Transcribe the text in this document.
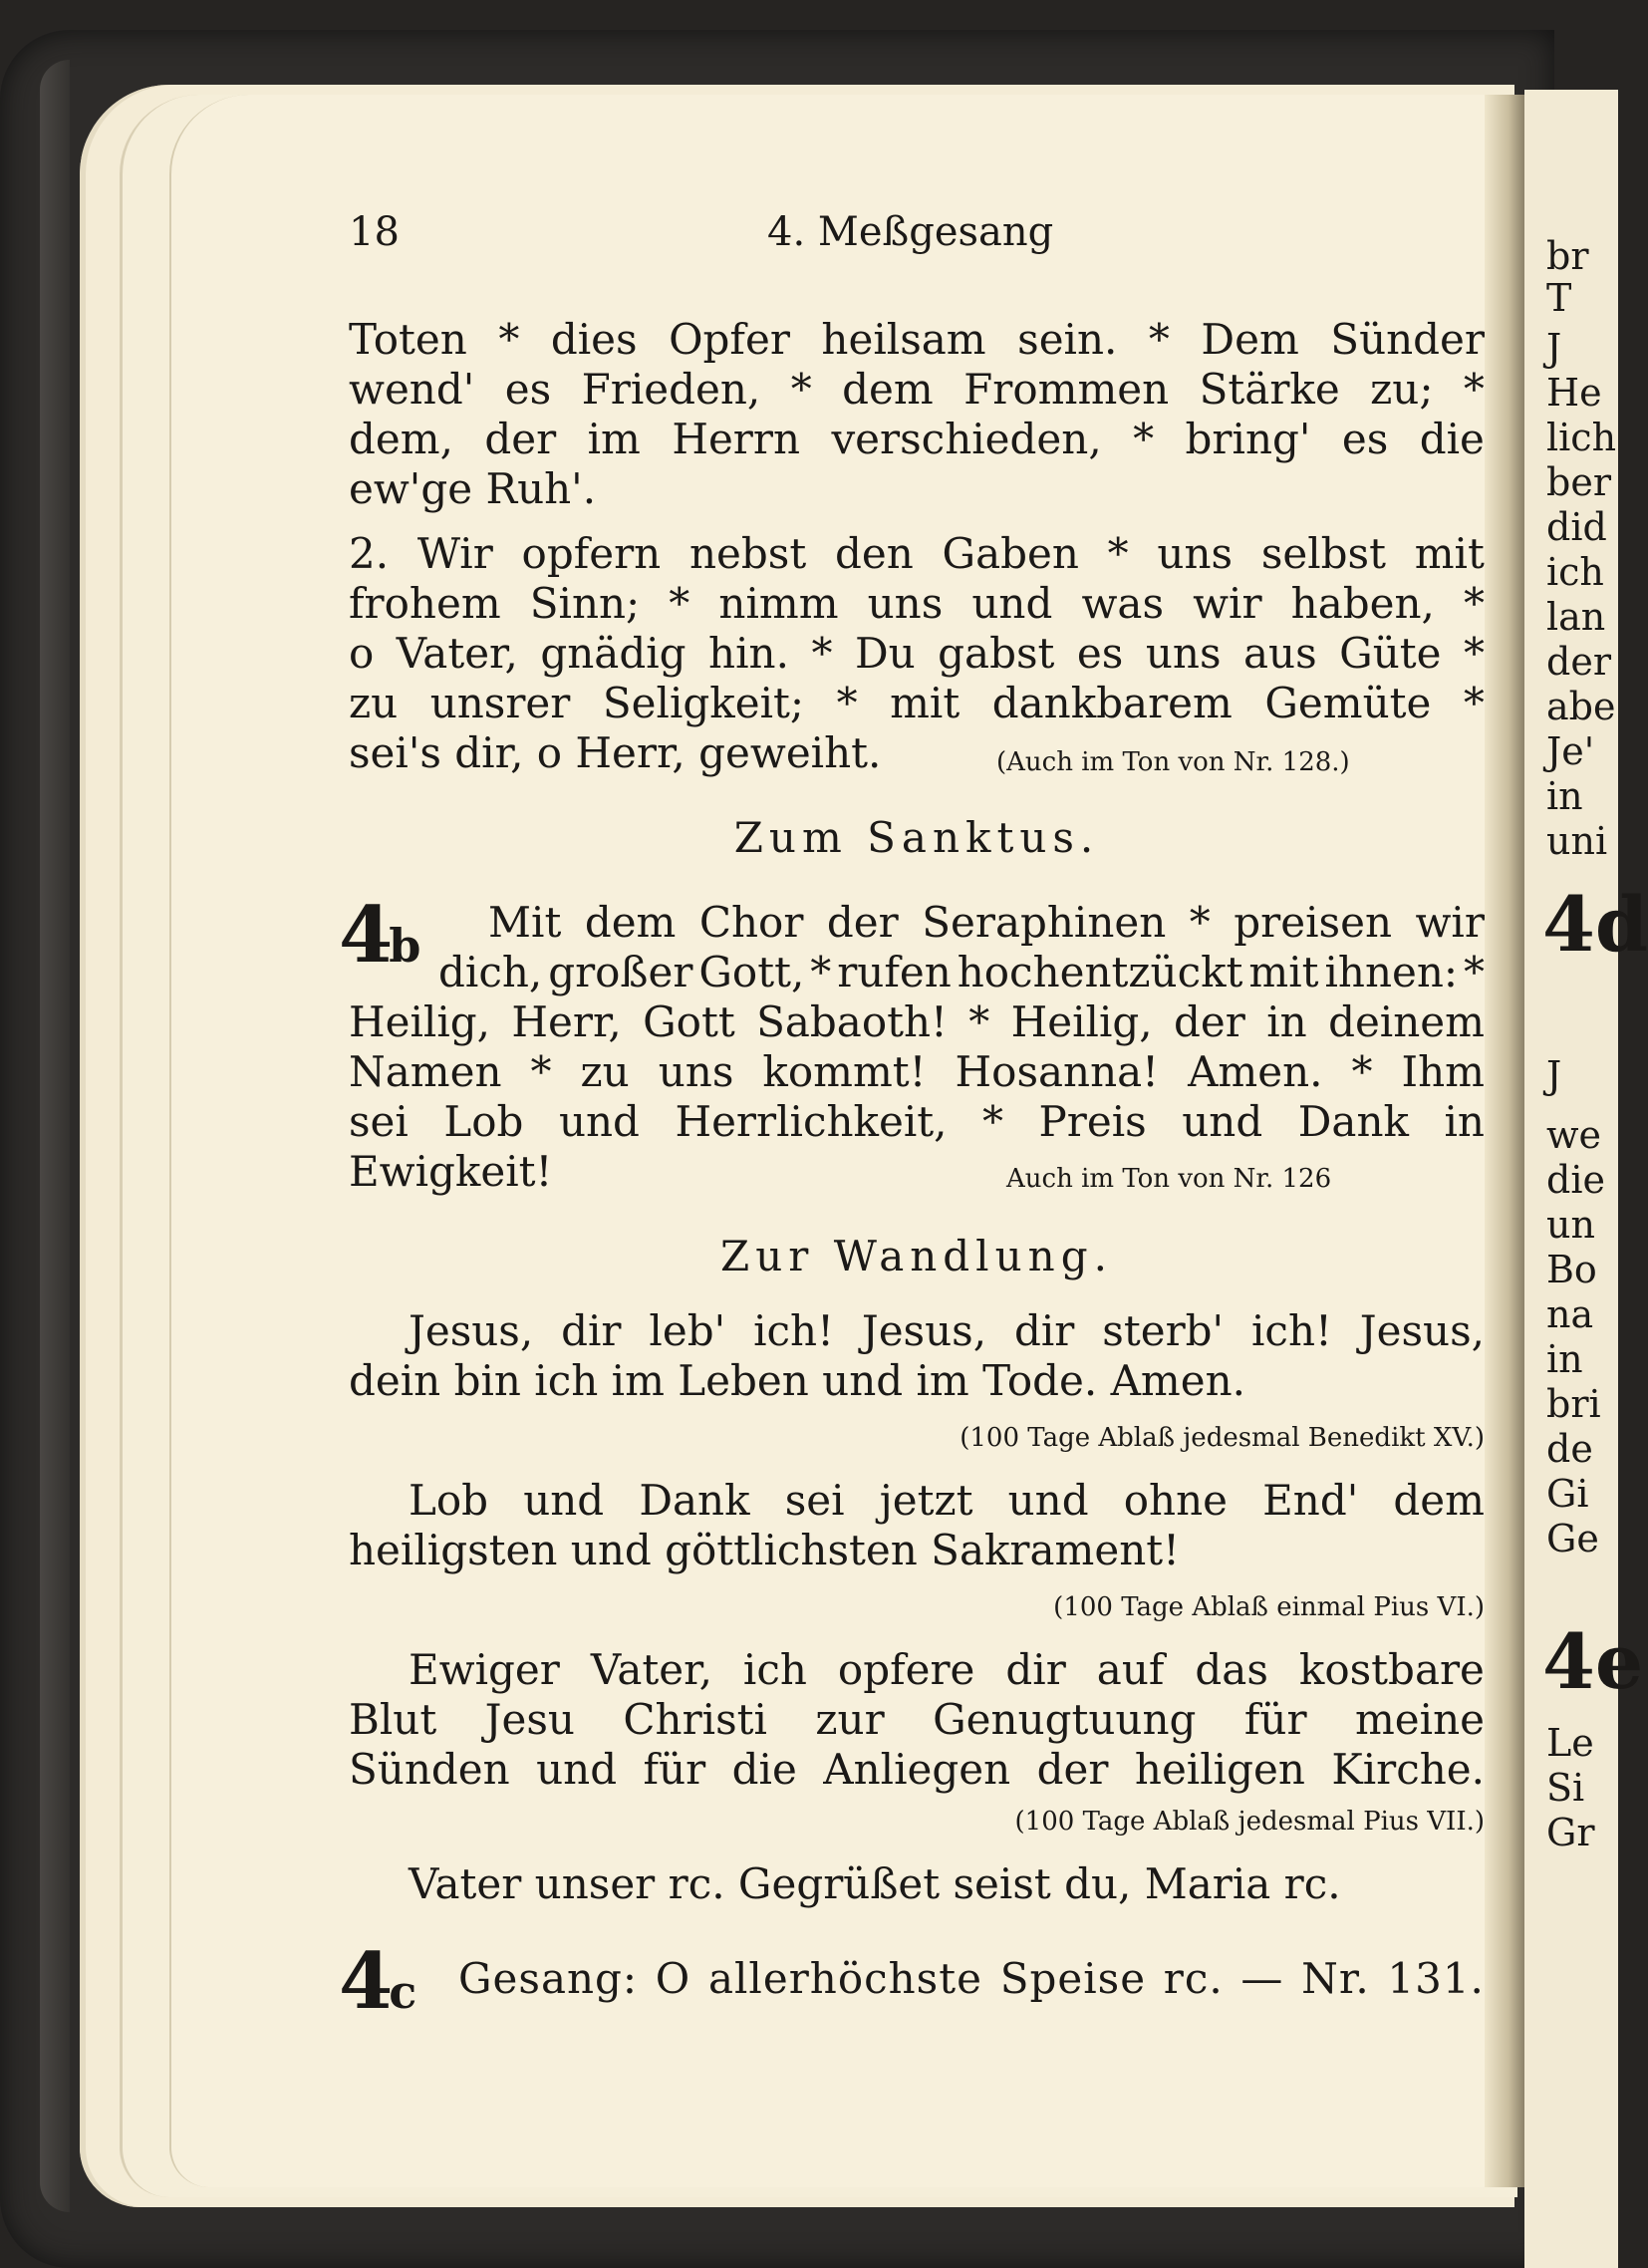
br
T
J
He
lich
ber
did
ich
lan
der
abe
Je'
in
uni
4d
J
we
die
un
Bo
na
in
bri
de
Gi
Ge
4e
Le
Si
Gr
18	4. Meßgesang
Toten * dies Opfer heilsam sein. * Dem Sünder
wend' es Frieden, * dem Frommen Stärke zu; *
dem, der im Herrn verschieden, * bring' es die
ew'ge Ruh'.
2. Wir opfern nebst den Gaben * uns selbst mit
frohem Sinn; * nimm uns und was wir haben, *
o Vater, gnädig hin. * Du gabst es uns aus Güte *
zu unsrer Seligkeit; * mit dankbarem Gemüte *
sei's dir, o Herr, geweiht.	(Auch im Ton von Nr. 128.)
Zum Sanktus.
4b Mit dem Chor der Seraphinen * preisen wir
dich, großer Gott, * rufen hochentzückt mit ihnen: *
Heilig, Herr, Gott Sabaoth! * Heilig, der in deinem
Namen * zu uns kommt! Hosanna! Amen. * Ihm
sei Lob und Herrlichkeit, * Preis und Dank in
Ewigkeit!	Auch im Ton von Nr. 126
Zur Wandlung.
Jesus, dir leb' ich! Jesus, dir sterb' ich! Jesus,
dein bin ich im Leben und im Tode. Amen.
(100 Tage Ablaß jedesmal Benedikt XV.)
Lob und Dank sei jetzt und ohne End' dem
heiligsten und göttlichsten Sakrament!
(100 Tage Ablaß einmal Pius VI.)
Ewiger Vater, ich opfere dir auf das kostbare
Blut Jesu Christi zur Genugtuung für meine
Sünden und für die Anliegen der heiligen Kirche.
(100 Tage Ablaß jedesmal Pius VII.)
Vater unser rc. Gegrüßet seist du, Maria rc.
4c Gesang: O allerhöchste Speise rc. — Nr. 131.
